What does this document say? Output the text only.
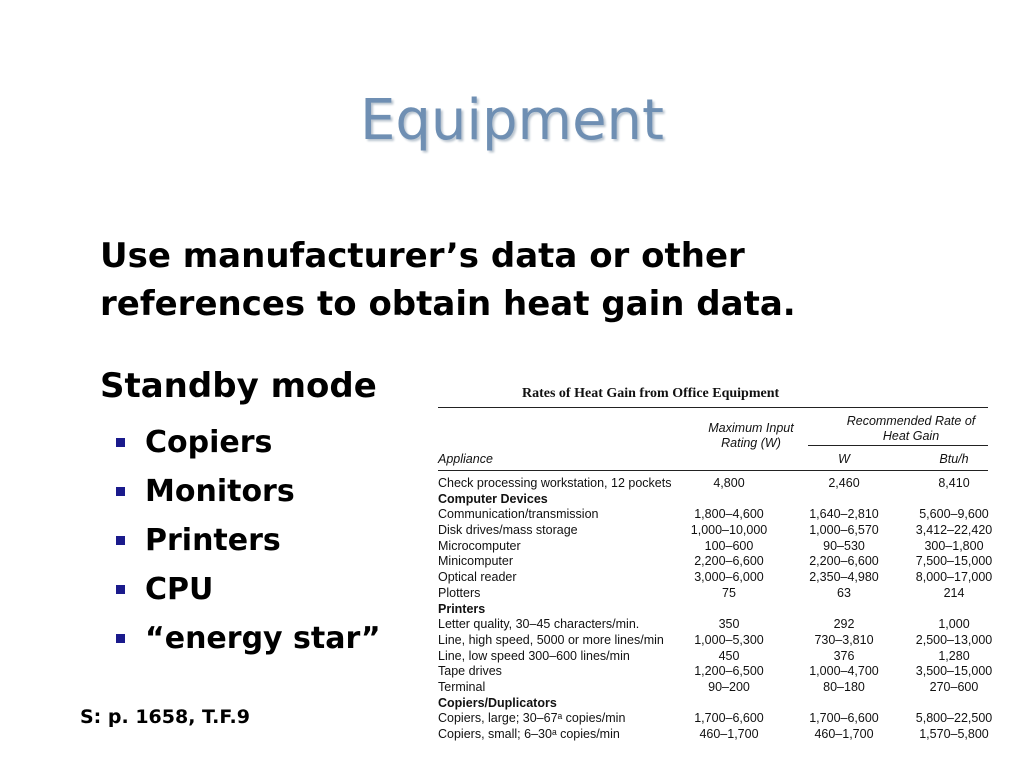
Equipment
Use manufacturer’s data or other references to obtain heat gain data.
Standby mode
Copiers
Monitors
Printers
CPU
“energy star”
S: p. 1658, T.F.9
Rates of Heat Gain from Office Equipment
Maximum Input Rating (W)
Recommended Rate of Heat Gain
Appliance	W	Btu/h
Check processing workstation, 12 pockets	4,800	2,460	8,410
Computer Devices
Communication/transmission	1,800–4,600	1,640–2,810	5,600–9,600
Disk drives/mass storage	1,000–10,000	1,000–6,570	3,412–22,420
Microcomputer	100–600	90–530	300–1,800
Minicomputer	2,200–6,600	2,200–6,600	7,500–15,000
Optical reader	3,000–6,000	2,350–4,980	8,000–17,000
Plotters	75	63	214
Printers
Letter quality, 30–45 characters/min.	350	292	1,000
Line, high speed, 5000 or more lines/min	1,000–5,300	730–3,810	2,500–13,000
Line, low speed 300–600 lines/min	450	376	1,280
Tape drives	1,200–6,500	1,000–4,700	3,500–15,000
Terminal	90–200	80–180	270–600
Copiers/Duplicators
Copiers, large; 30–67ᵃ copies/min	1,700–6,600	1,700–6,600	5,800–22,500
Copiers, small; 6–30ᵃ copies/min	460–1,700	460–1,700	1,570–5,800
